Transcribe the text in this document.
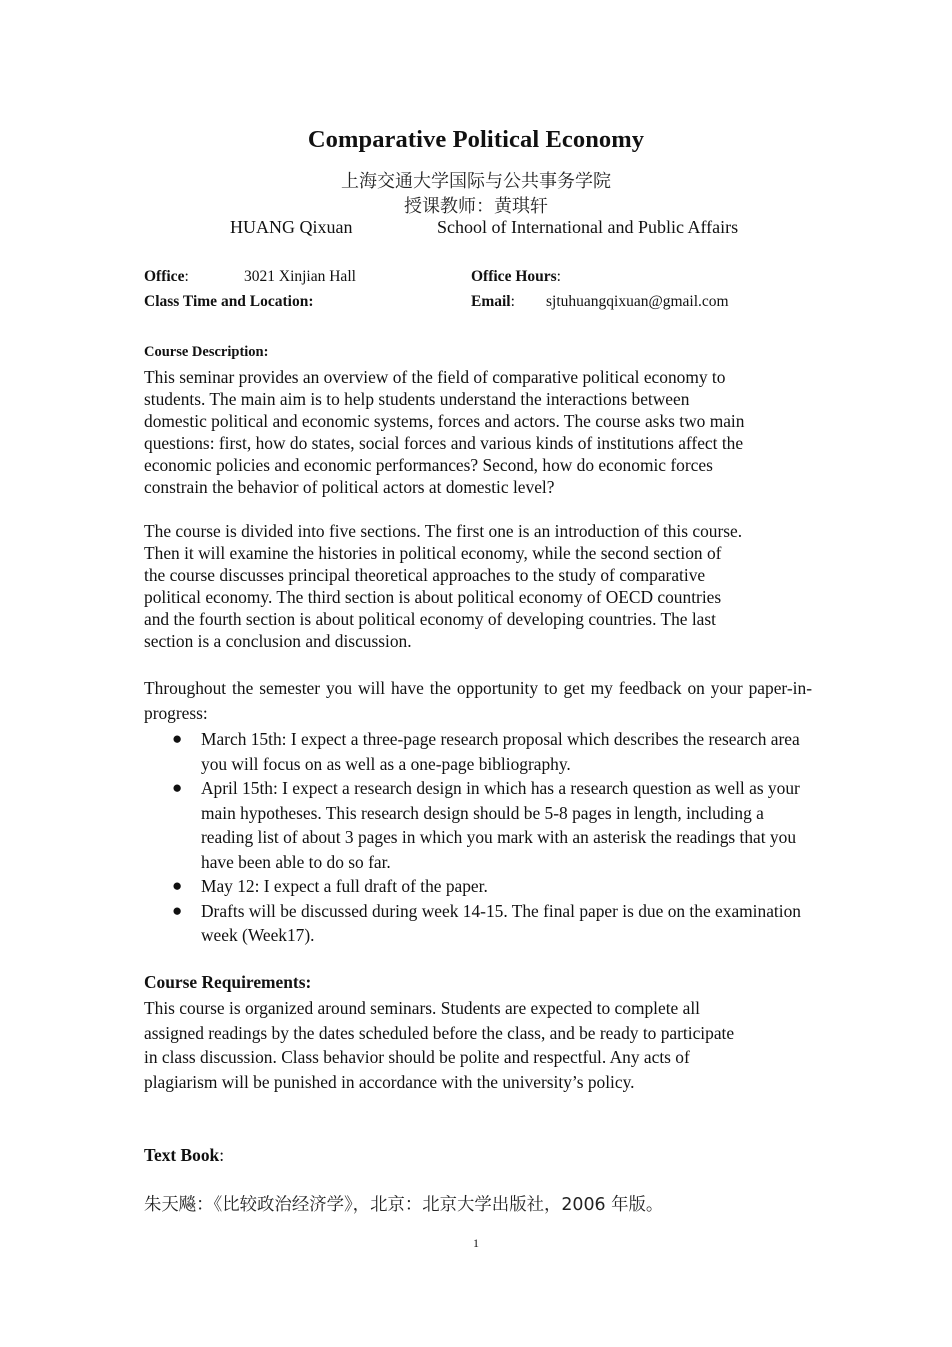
Comparative Political Economy
上海交通大学国际与公共事务学院
授课教师：黄琪轩
HUANG Qixuan	School of International and Public Affairs
Office:	3021 Xinjian Hall	Office Hours:
Class Time and Location:	Email: sjtuhuangqixuan@gmail.com
Course Description:
This seminar provides an overview of the field of comparative political economy to
students. The main aim is to help students understand the interactions between
domestic political and economic systems, forces and actors. The course asks two main
questions: first, how do states, social forces and various kinds of institutions affect the
economic policies and economic performances? Second, how do economic forces
constrain the behavior of political actors at domestic level?
The course is divided into five sections. The first one is an introduction of this course.
Then it will examine the histories in political economy, while the second section of
the course discusses principal theoretical approaches to the study of comparative
political economy. The third section is about political economy of OECD countries
and the fourth section is about political economy of developing countries. The last
section is a conclusion and discussion.

Throughout the semester you will have the opportunity to get my feedback on your paper-in-progress:

● March 15th: I expect a three-page research proposal which describes the research area you will focus on as well as a one-page bibliography.
● April 15th: I expect a research design in which has a research question as well as your main hypotheses. This research design should be 5-8 pages in length, including a reading list of about 3 pages in which you mark with an asterisk the readings that you have been able to do so far.
● May 12: I expect a full draft of the paper.
● Drafts will be discussed during week 14-15. The final paper is due on the examination week (Week17).
Course Requirements:
This course is organized around seminars. Students are expected to complete all
assigned readings by the dates scheduled before the class, and be ready to participate
in class discussion. Class behavior should be polite and respectful. Any acts of
plagiarism will be punished in accordance with the university’s policy.
Text Book:
朱天飚：《比较政治经济学》，北京：北京大学出版社，2006 年版。
1
